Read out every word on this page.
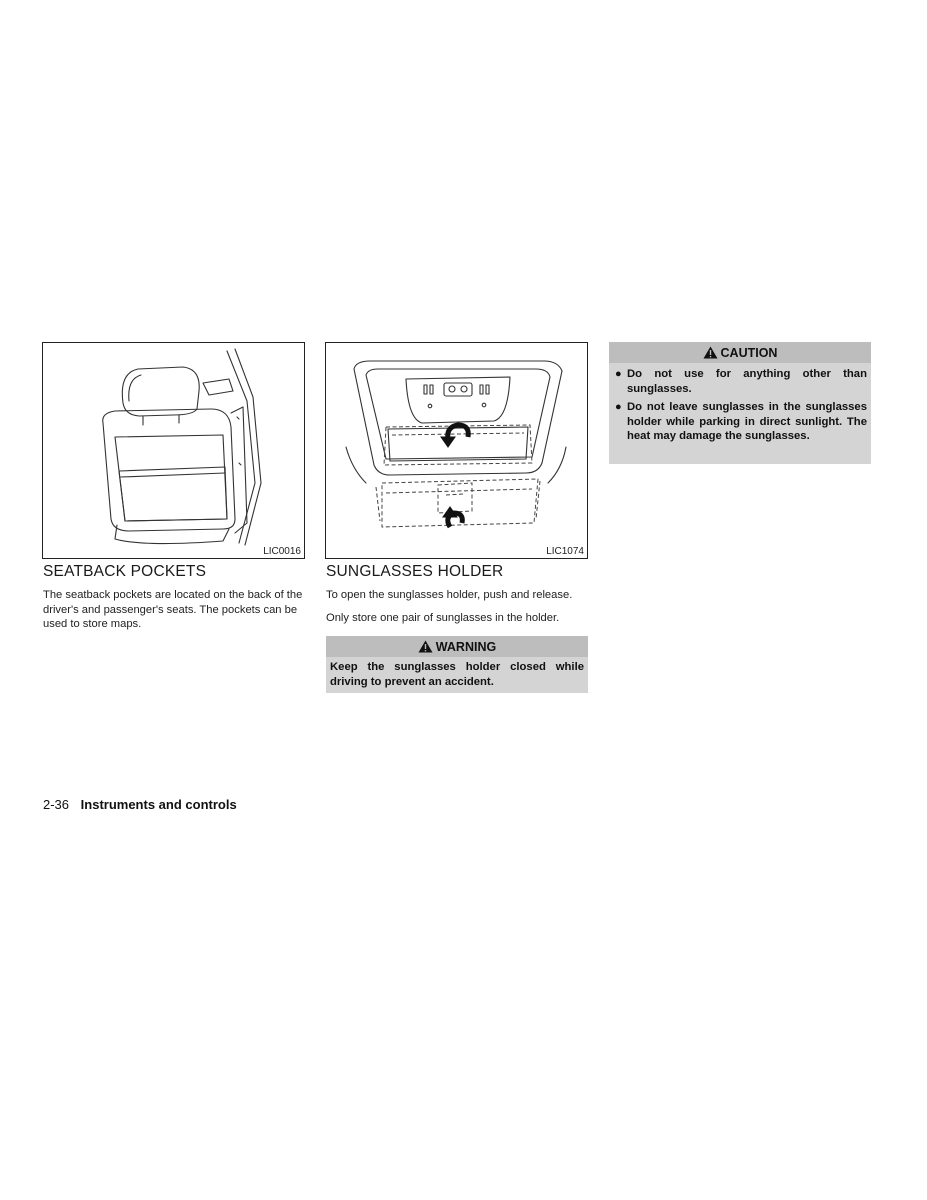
LIC0016
SEATBACK POCKETS

The seatback pockets are located on the back of the driver's and passenger's seats. The pockets can be used to store maps.

LIC1074
SUNGLASSES HOLDER

To open the sunglasses holder, push and release.

Only store one pair of sunglasses in the holder.

WARNING

Keep the sunglasses holder closed while driving to prevent an accident.

CAUTION
● Do not use for anything other than sunglasses.
● Do not leave sunglasses in the sunglasses holder while parking in direct sunlight. The heat may damage the sunglasses.
2-36 Instruments and controls
